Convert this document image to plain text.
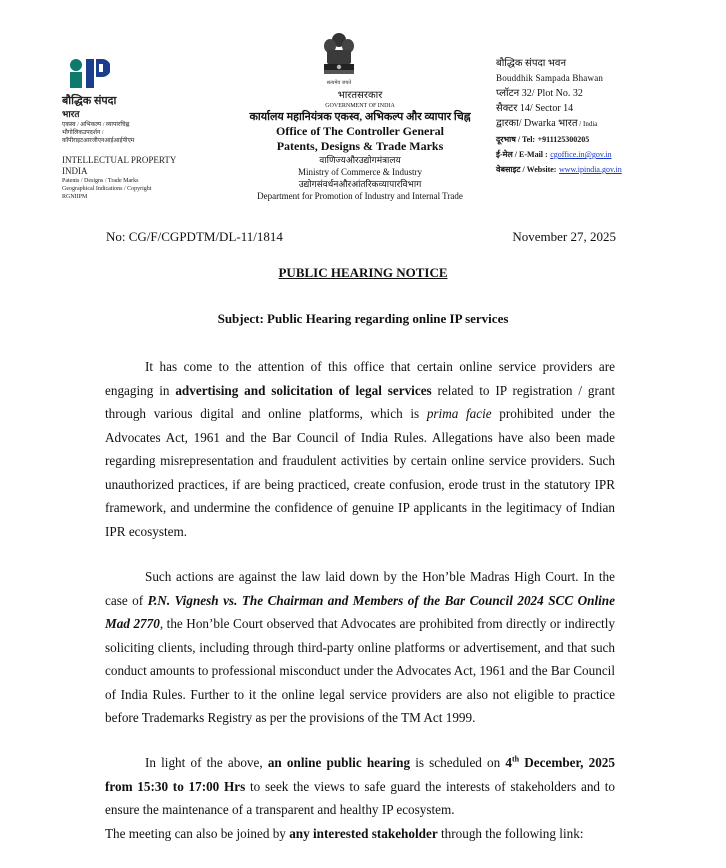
बौद्धिक संपदा
भारत
एकस्व / अभिकल्प / व्यापारचिह्न
भौगोलिकउपदर्शन /
कॉपीराइटआरजीएनआईआईपीएम
INTELLECTUAL PROPERTY
INDIA
Patents / Designs / Trade Marks
Geographical Indications / Copyright
RGNIIPM
सत्यमेव जयते
भारतसरकार
GOVERNMENT OF INDIA
कार्यालय महानियंत्रक एकस्व, अभिकल्प और व्यापार चिह्न
Office of The Controller General
Patents, Designs & Trade Marks
वाणिज्यऔरउद्योगमंत्रालय
Ministry of Commerce & Industry
उद्योगसंवर्धनऔरआंतरिकव्यापारविभाग
Department for Promotion of Industry and Internal Trade
बौद्धिक संपदा भवन
Bouddhik Sampada Bhawan
प्लॉटन 32/ Plot No. 32
सैक्टर 14/ Sector 14
द्वारका/ Dwarka भारत / India
दूरभाष / Tel: +911125300205
ई-मेल / E-Mail : cgoffice.in@gov.in
वेबसाइट / Website: www.ipindia.gov.in
No: CG/F/CGPDTM/DL-11/1814	November 27, 2025
PUBLIC HEARING NOTICE
Subject: Public Hearing regarding online IP services
It has come to the attention of this office that certain online service providers are engaging in advertising and solicitation of legal services related to IP registration / grant through various digital and online platforms, which is prima facie prohibited under the Advocates Act, 1961 and the Bar Council of India Rules. Allegations have also been made regarding misrepresentation and fraudulent activities by certain online service providers. Such unauthorized practices, if are being practiced, create confusion, erode trust in the statutory IPR framework, and undermine the confidence of genuine IP applicants in the legitimacy of Indian IPR ecosystem.
Such actions are against the law laid down by the Hon’ble Madras High Court. In the case of P.N. Vignesh vs. The Chairman and Members of the Bar Council 2024 SCC Online Mad 2770, the Hon’ble Court observed that Advocates are prohibited from directly or indirectly soliciting clients, including through third-party online platforms or advertisement, and that such conduct amounts to professional misconduct under the Advocates Act, 1961 and the Bar Council of India Rules. Further to it the online legal service providers are also not eligible to practice before Trademarks Registry as per the provisions of the TM Act 1999.
In light of the above, an online public hearing is scheduled on 4th December, 2025 from 15:30 to 17:00 Hrs to seek the views to safe guard the interests of stakeholders and to ensure the maintenance of a transparent and healthy IP ecosystem.
The meeting can also be joined by any interested stakeholder through the following link:
